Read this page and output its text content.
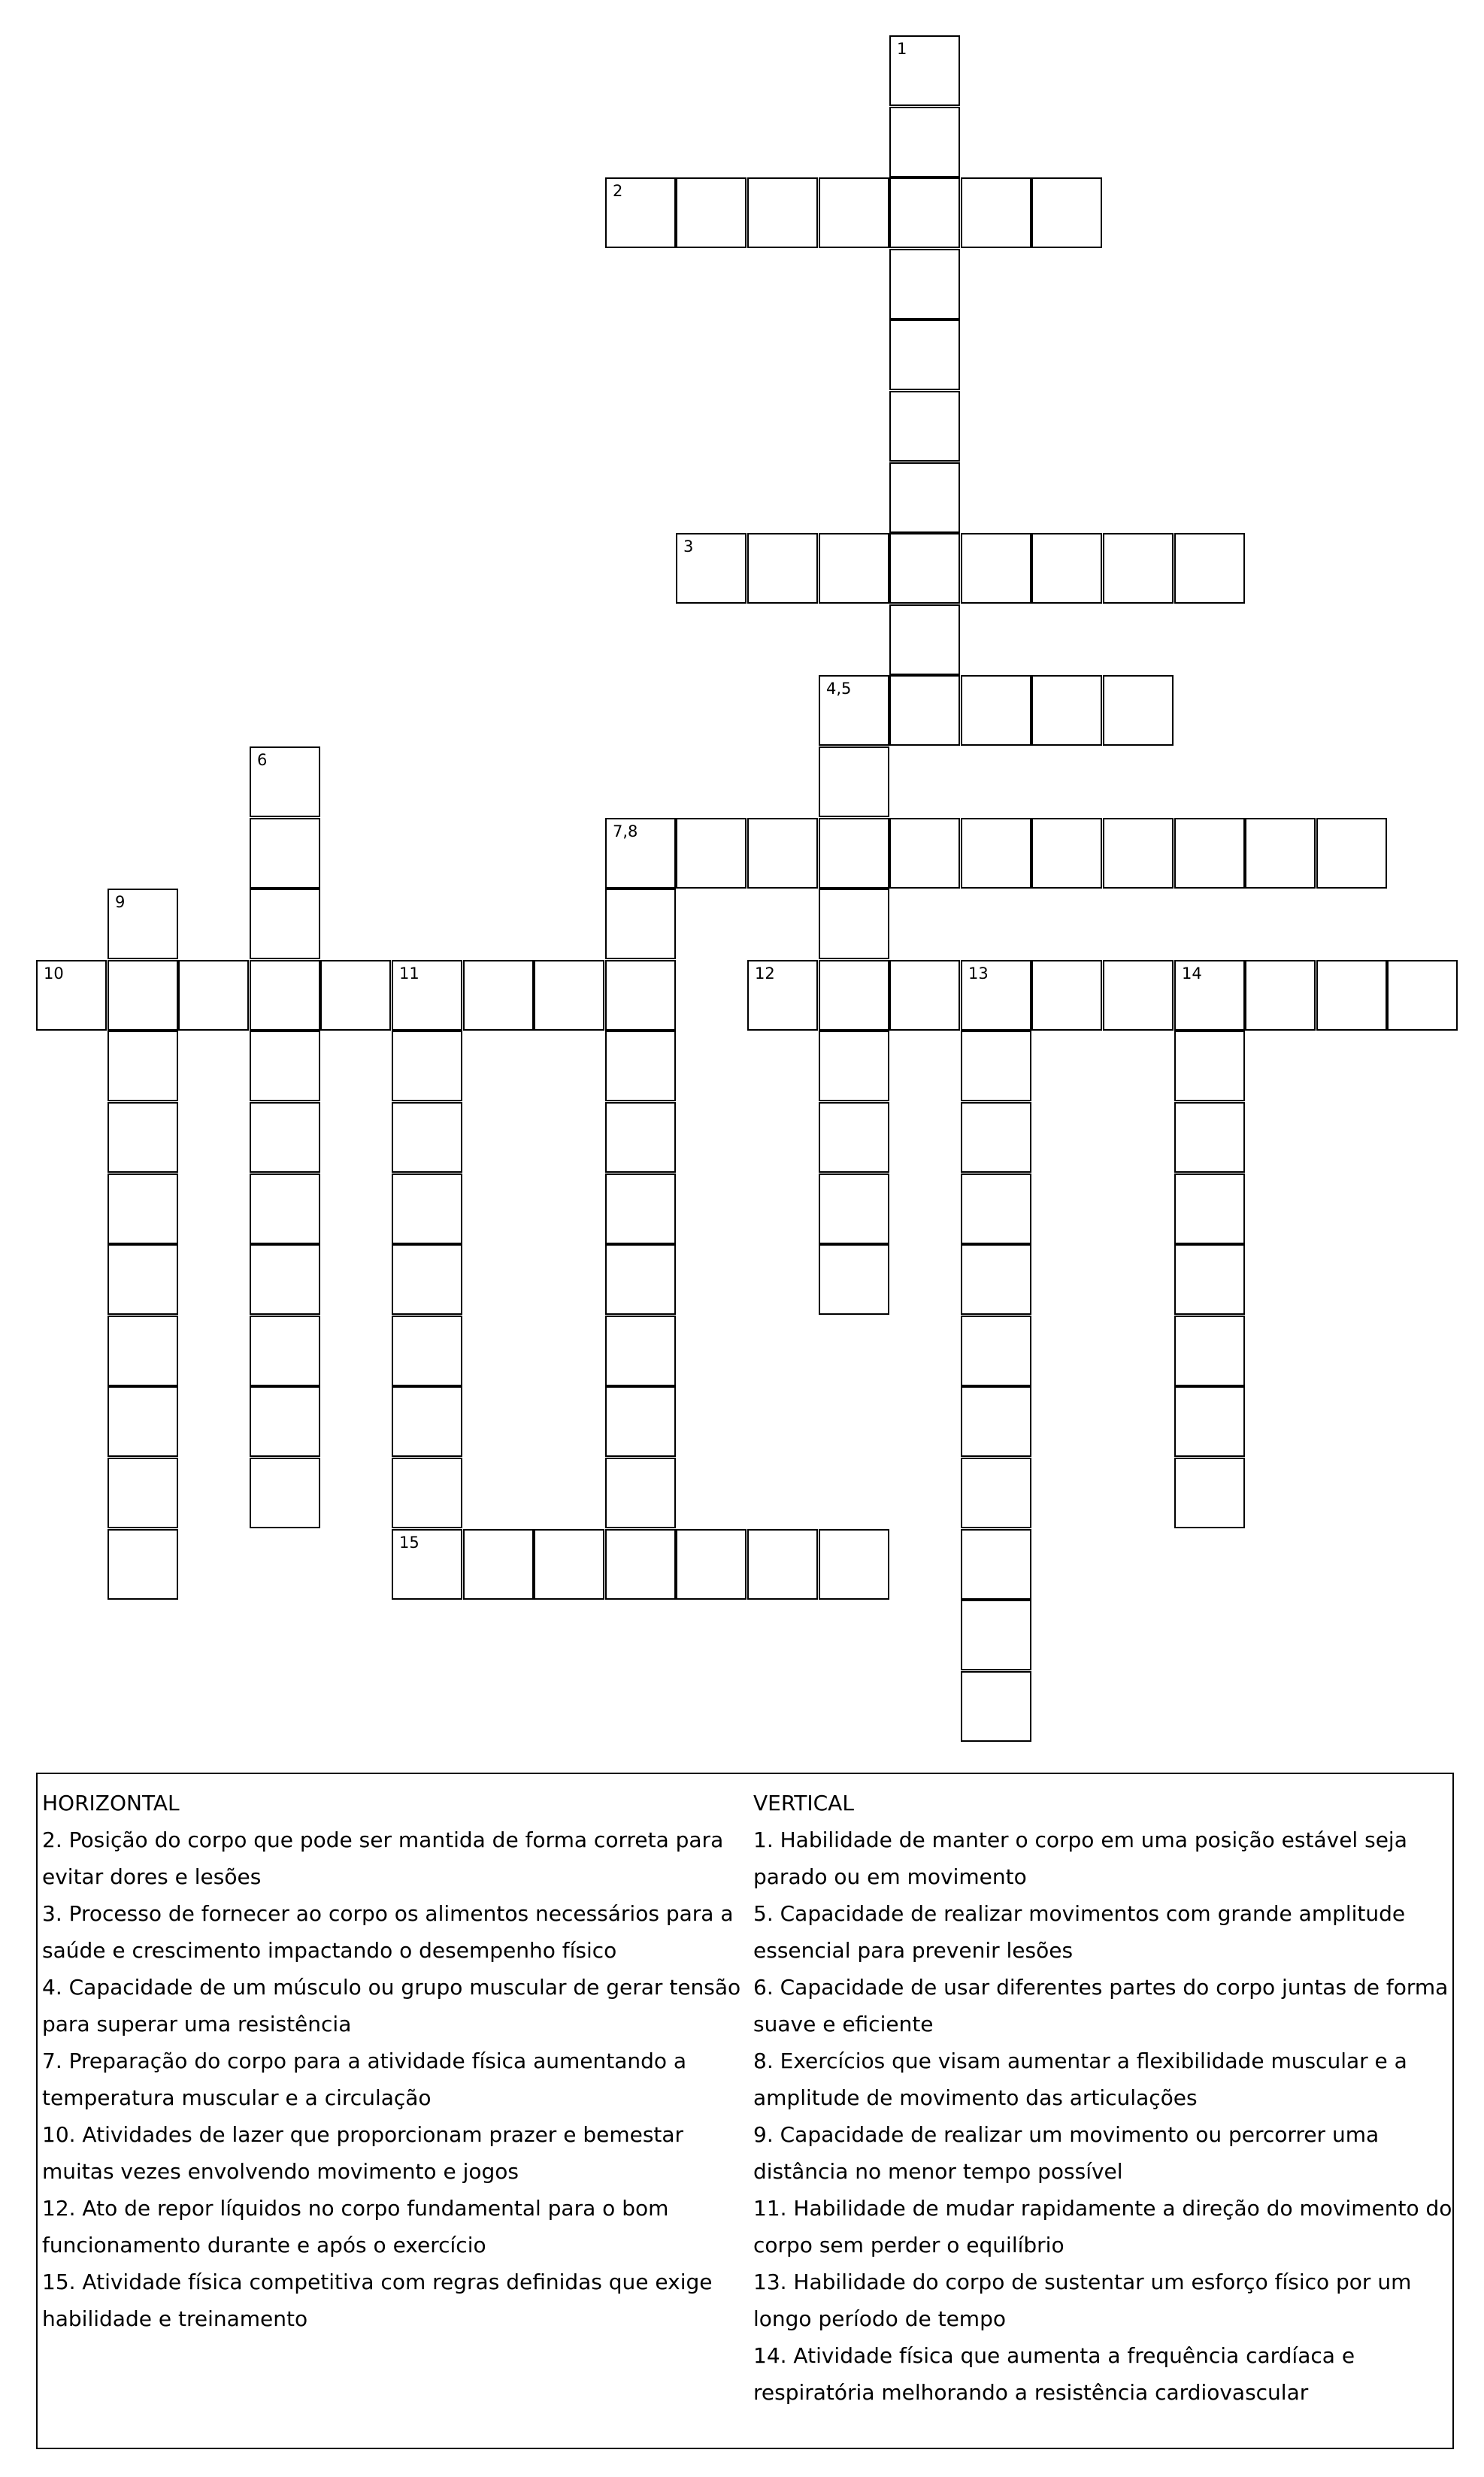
1
2
3
4,5
6
7,8
9
10	11	12	13	14
15

HORIZONTAL

2. Posição do corpo que pode ser mantida de forma correta para evitar dores e lesões

3. Processo de fornecer ao corpo os alimentos necessários para a saúde e crescimento impactando o desempenho físico

4. Capacidade de um músculo ou grupo muscular de gerar tensão para superar uma resistência

7. Preparação do corpo para a atividade física aumentando a temperatura muscular e a circulação

10. Atividades de lazer que proporcionam prazer e bemestar muitas vezes envolvendo movimento e jogos

12. Ato de repor líquidos no corpo fundamental para o bom funcionamento durante e após o exercício

15. Atividade física competitiva com regras definidas que exige habilidade e treinamento

VERTICAL

1. Habilidade de manter o corpo em uma posição estável seja parado ou em movimento

5. Capacidade de realizar movimentos com grande amplitude essencial para prevenir lesões

6. Capacidade de usar diferentes partes do corpo juntas de forma suave e eficiente

8. Exercícios que visam aumentar a flexibilidade muscular e a amplitude de movimento das articulações

9. Capacidade de realizar um movimento ou percorrer uma distância no menor tempo possível

11. Habilidade de mudar rapidamente a direção do movimento do corpo sem perder o equilíbrio

13. Habilidade do corpo de sustentar um esforço físico por um longo período de tempo

14. Atividade física que aumenta a frequência cardíaca e respiratória melhorando a resistência cardiovascular
